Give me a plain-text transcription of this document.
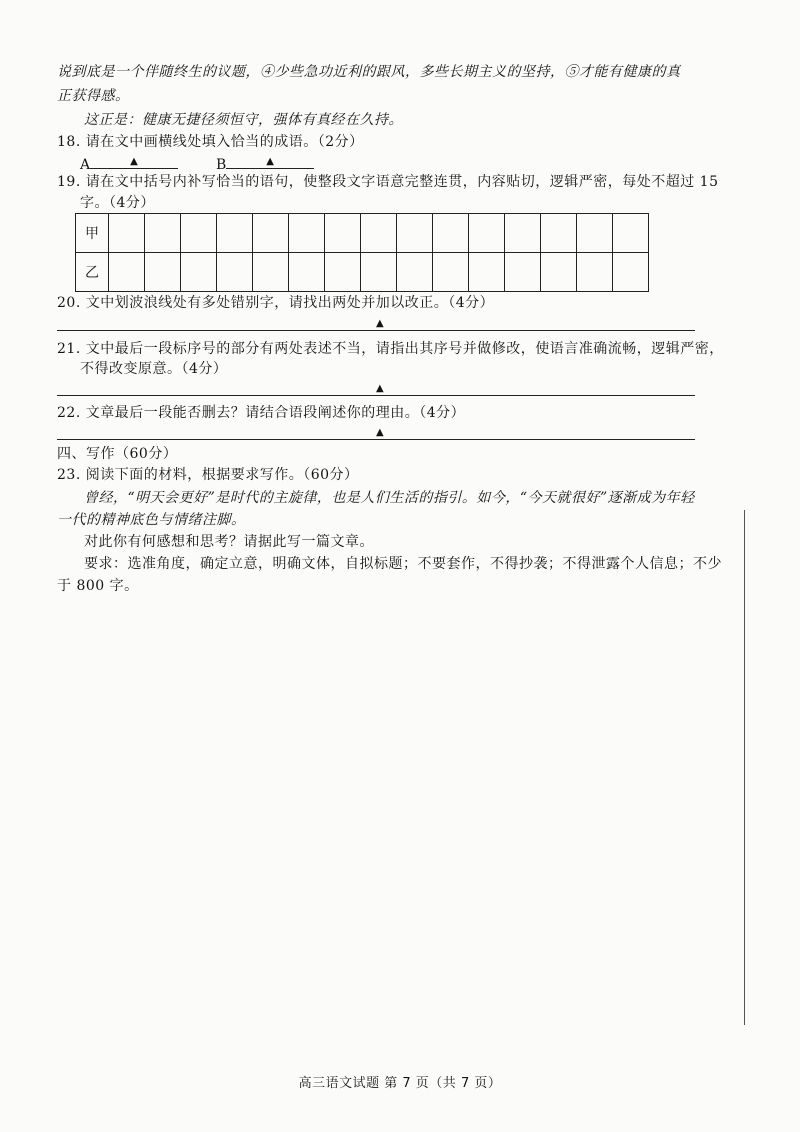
说到底是一个伴随终生的议题，④少些急功近利的跟风，多些长期主义的坚持，⑤才能有健康的真
正获得感。
这正是：健康无捷径须恒守，强体有真经在久持。
18. 请在文中画横线处填入恰当的成语。（2分）
A	▲	B	▲
19. 请在文中括号内补写恰当的语句，使整段文字语意完整连贯，内容贴切，逻辑严密，每处不超过 15
字。（4分）
甲															
乙															
20. 文中划波浪线处有多处错别字，请找出两处并加以改正。（4分）
▲
21. 文中最后一段标序号的部分有两处表述不当，请指出其序号并做修改，使语言准确流畅，逻辑严密，
不得改变原意。（4分）
▲
22. 文章最后一段能否删去？请结合语段阐述你的理由。（4分）
▲
四、写作（60分）
23. 阅读下面的材料，根据要求写作。（60分）
曾经，“明天会更好”是时代的主旋律，也是人们生活的指引。如今，“今天就很好”逐渐成为年轻
一代的精神底色与情绪注脚。
对此你有何感想和思考？请据此写一篇文章。
要求：选准角度，确定立意，明确文体，自拟标题；不要套作，不得抄袭；不得泄露个人信息；不少
于 800 字。
高三语文试题 第 7 页（共 7 页）
